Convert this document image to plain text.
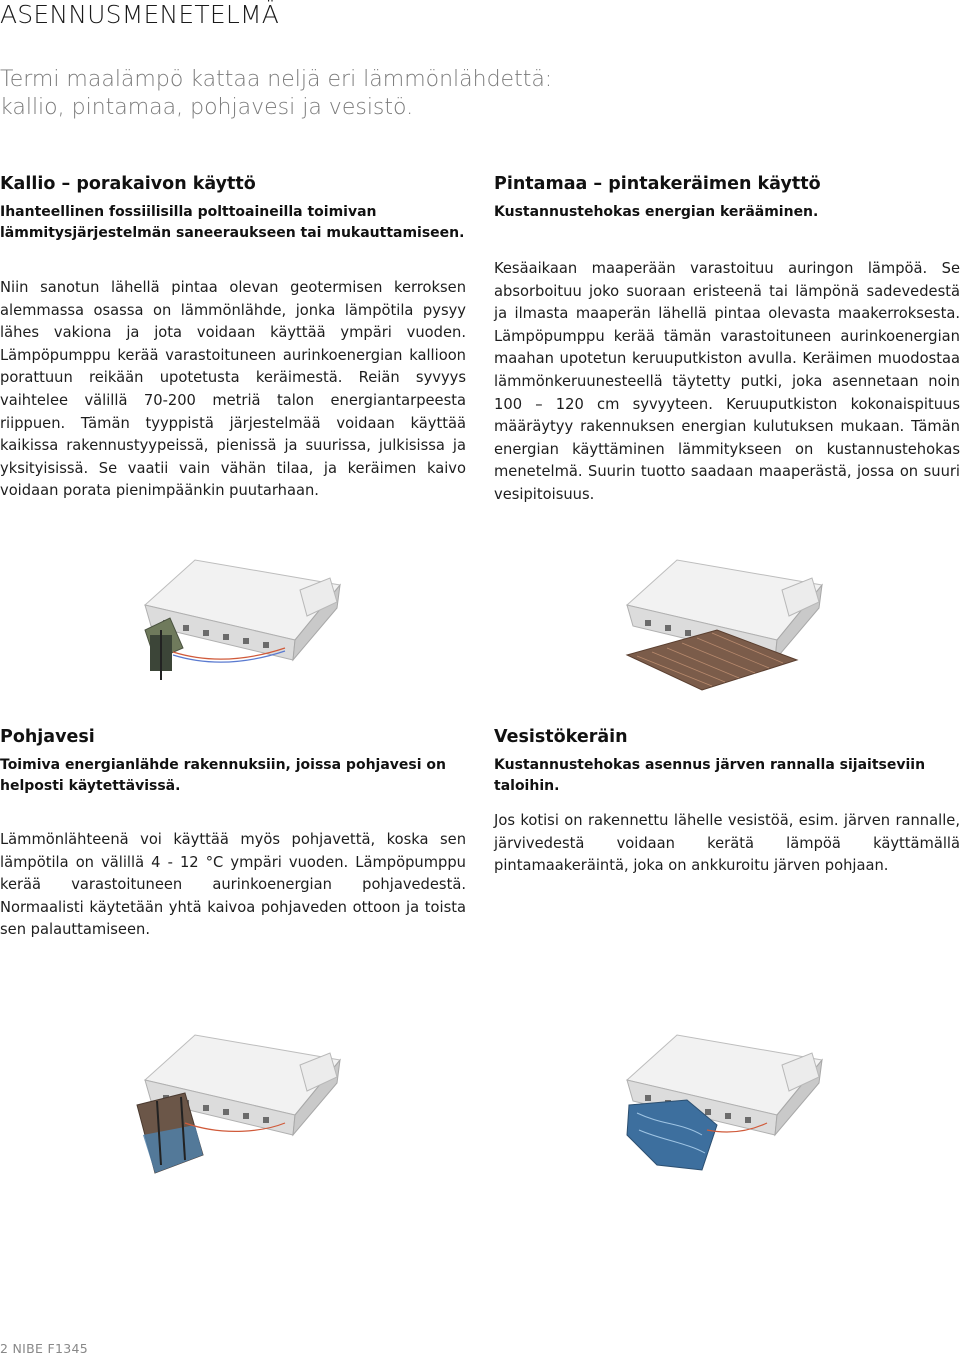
ASENNUSMENETELMÄ
Termi maalämpö kattaa neljä eri lämmönlähdettä: kallio, pintamaa, pohjavesi ja vesistö.
Kallio – porakaivon käyttö
Ihanteellinen fossiilisilla polttoaineilla toimivan lämmitysjärjestelmän saneeraukseen tai mukauttamiseen.
Niin sanotun lähellä pintaa olevan geotermisen kerroksen alemmassa osassa on lämmönlähde, jonka lämpötila pysyy lähes vakiona ja jota voidaan käyttää ympäri vuoden. Lämpöpumppu kerää varastoituneen aurinkoenergian kallioon porattuun reikään upotetusta keräimestä. Reiän syvyys vaihtelee välillä 70-200 metriä talon energiantarpeesta riippuen. Tämän tyyppistä järjestelmää voidaan käyttää kaikissa rakennustyypeissä, pienissä ja suurissa, julkisissa ja yksityisissä. Se vaatii vain vähän tilaa, ja keräimen kaivo voidaan porata pienimpäänkin puutarhaan.
Pintamaa – pintakeräimen käyttö
Kustannustehokas energian kerääminen.
Kesäaikaan maaperään varastoituu auringon lämpöä. Se absorboituu joko suoraan eristeenä tai lämpönä sadevedestä ja ilmasta maaperän lähellä pintaa olevasta maakerroksesta. Lämpöpumppu kerää tämän varastoituneen aurinkoenergian maahan upotetun keruuputkiston avulla. Keräimen muodostaa lämmönkeruunesteellä täytetty putki, joka asennetaan noin 100 – 120 cm syvyyteen. Keruuputkiston kokonaispituus määräytyy rakennuksen energian kulutuksen mukaan. Tämän energian käyttäminen lämmitykseen on kustannustehokas menetelmä. Suurin tuotto saadaan maaperästä, jossa on suuri vesipitoisuus.
Pohjavesi
Toimiva energianlähde rakennuksiin, joissa pohjavesi on helposti käytettävissä.
Lämmönlähteenä voi käyttää myös pohjavettä, koska sen lämpötila on välillä 4 - 12 °C ympäri vuoden. Lämpöpumppu kerää varastoituneen aurinkoenergian pohjavedestä. Normaalisti käytetään yhtä kaivoa pohjaveden ottoon ja toista sen palauttamiseen.
Vesistökeräin
Kustannustehokas asennus järven rannalla sijaitseviin taloihin.
Jos kotisi on rakennettu lähelle vesistöä, esim. järven rannalle, järvivedestä voidaan kerätä lämpöä käyttämällä pintamaakeräintä, joka on ankkuroitu järven pohjaan.
2 NIBE F1345
